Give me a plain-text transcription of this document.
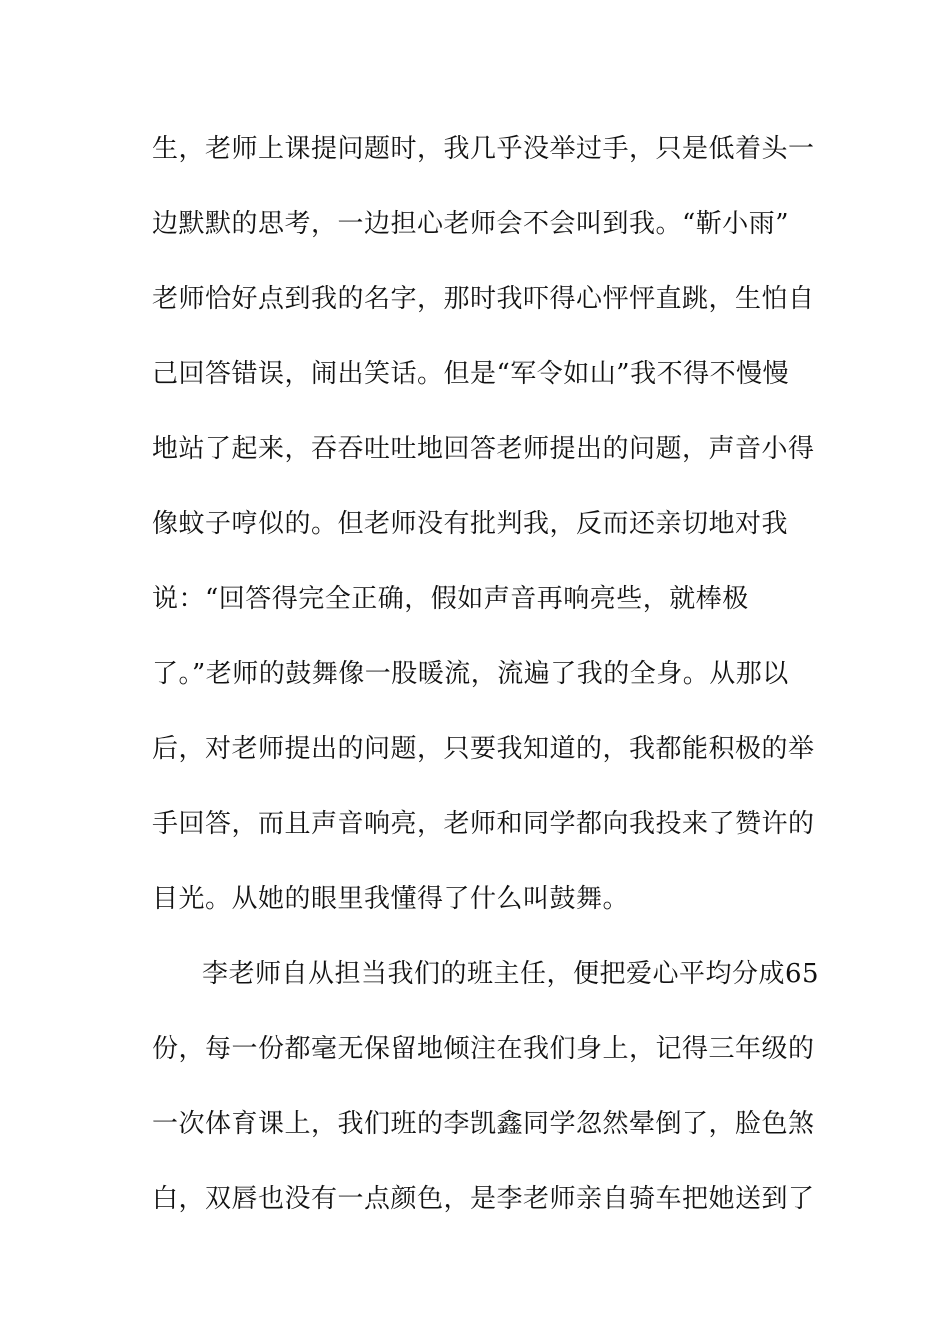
生，老师上课提问题时，我几乎没举过手，只是低着头一
边默默的思考，一边担心老师会不会叫到我。“靳小雨”
老师恰好点到我的名字，那时我吓得心怦怦直跳，生怕自
己回答错误，闹出笑话。但是“军令如山”我不得不慢慢
地站了起来，吞吞吐吐地回答老师提出的问题，声音小得
像蚊子哼似的。但老师没有批判我，反而还亲切地对我
说：“回答得完全正确，假如声音再响亮些，就棒极
了。”老师的鼓舞像一股暖流，流遍了我的全身。从那以
后，对老师提出的问题，只要我知道的，我都能积极的举
手回答，而且声音响亮，老师和同学都向我投来了赞许的
目光。从她的眼里我懂得了什么叫鼓舞。
李老师自从担当我们的班主任，便把爱心平均分成65
份，每一份都毫无保留地倾注在我们身上，记得三年级的
一次体育课上，我们班的李凯鑫同学忽然晕倒了，脸色煞
白，双唇也没有一点颜色，是李老师亲自骑车把她送到了
